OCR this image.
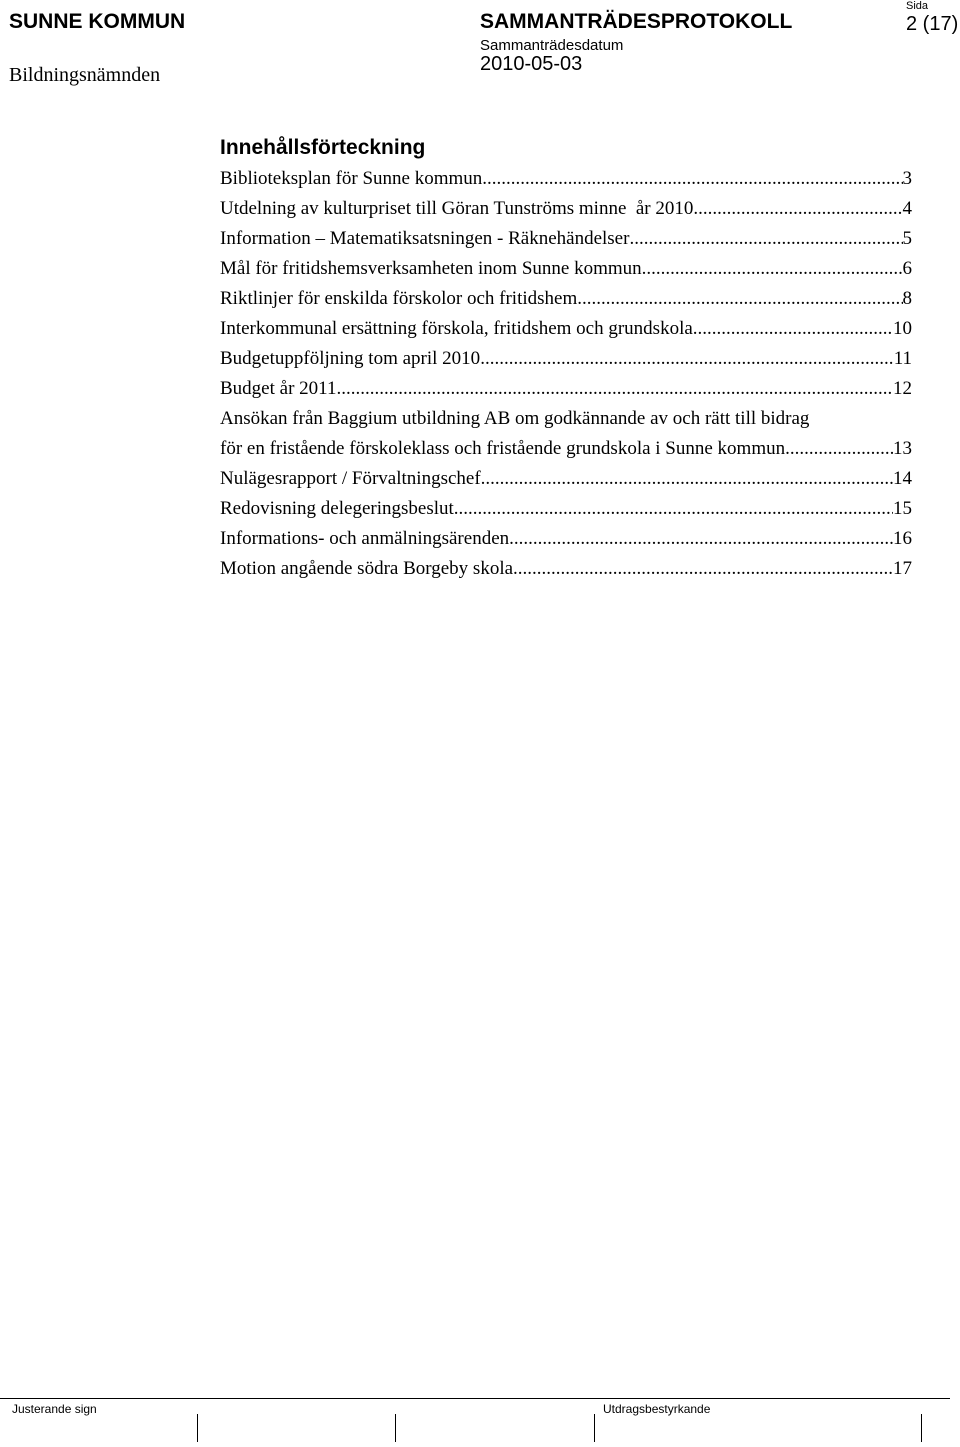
SUNNE KOMMUN	SAMMANTRÄDESPROTOKOLL
Sida
2 (17)
Sammanträdesdatum
2010-05-03
Bildningsnämnden
Innehållsförteckning
Biblioteksplan för Sunne kommun .....	3
Utdelning av kulturpriset till Göran Tunströms minne  år 2010 .....	4
Information – Matematiksatsningen - Räknehändelser .....	5
Mål för fritidshemsverksamheten inom Sunne kommun .....	6
Riktlinjer för enskilda förskolor och fritidshem .....	8
Interkommunal ersättning förskola, fritidshem och grundskola .....	10
Budgetuppföljning tom april 2010 .....	11
Budget år 2011 .....	12
Ansökan från Baggium utbildning AB om godkännande av och rätt till bidrag
för en fristående förskoleklass och fristående grundskola i Sunne kommun .....	13
Nulägesrapport / Förvaltningschef .....	14
Redovisning delegeringsbeslut .....	15
Informations- och anmälningsärenden .....	16
Motion angående södra Borgeby skola .....	17
Justerande sign	Utdragsbestyrkande
